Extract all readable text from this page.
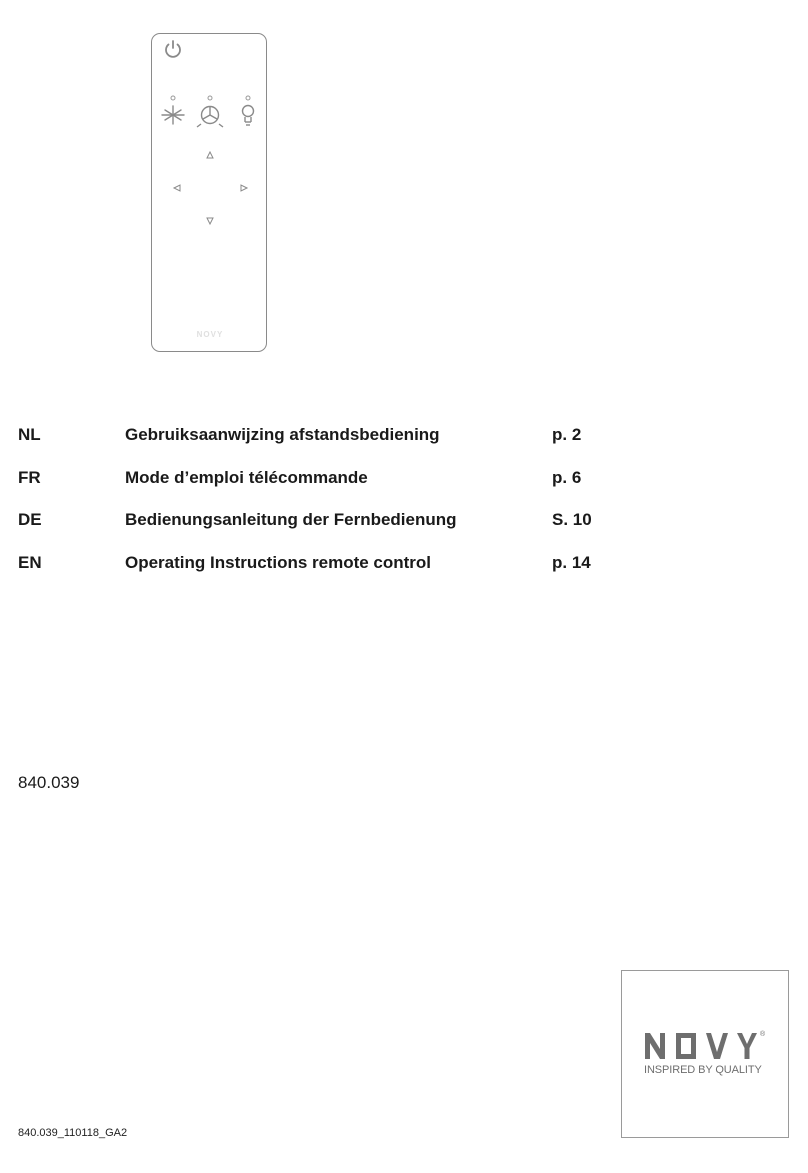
NOVY
NL	Gebruiksaanwijzing afstandsbediening	p. 2
FR	Mode d’emploi télécommande	p. 6
DE	Bedienungsanleitung der Fernbedienung	S. 10
EN	Operating Instructions remote control	p. 14
840.039
840.039_110118_GA2
®
INSPIRED BY QUALITY
